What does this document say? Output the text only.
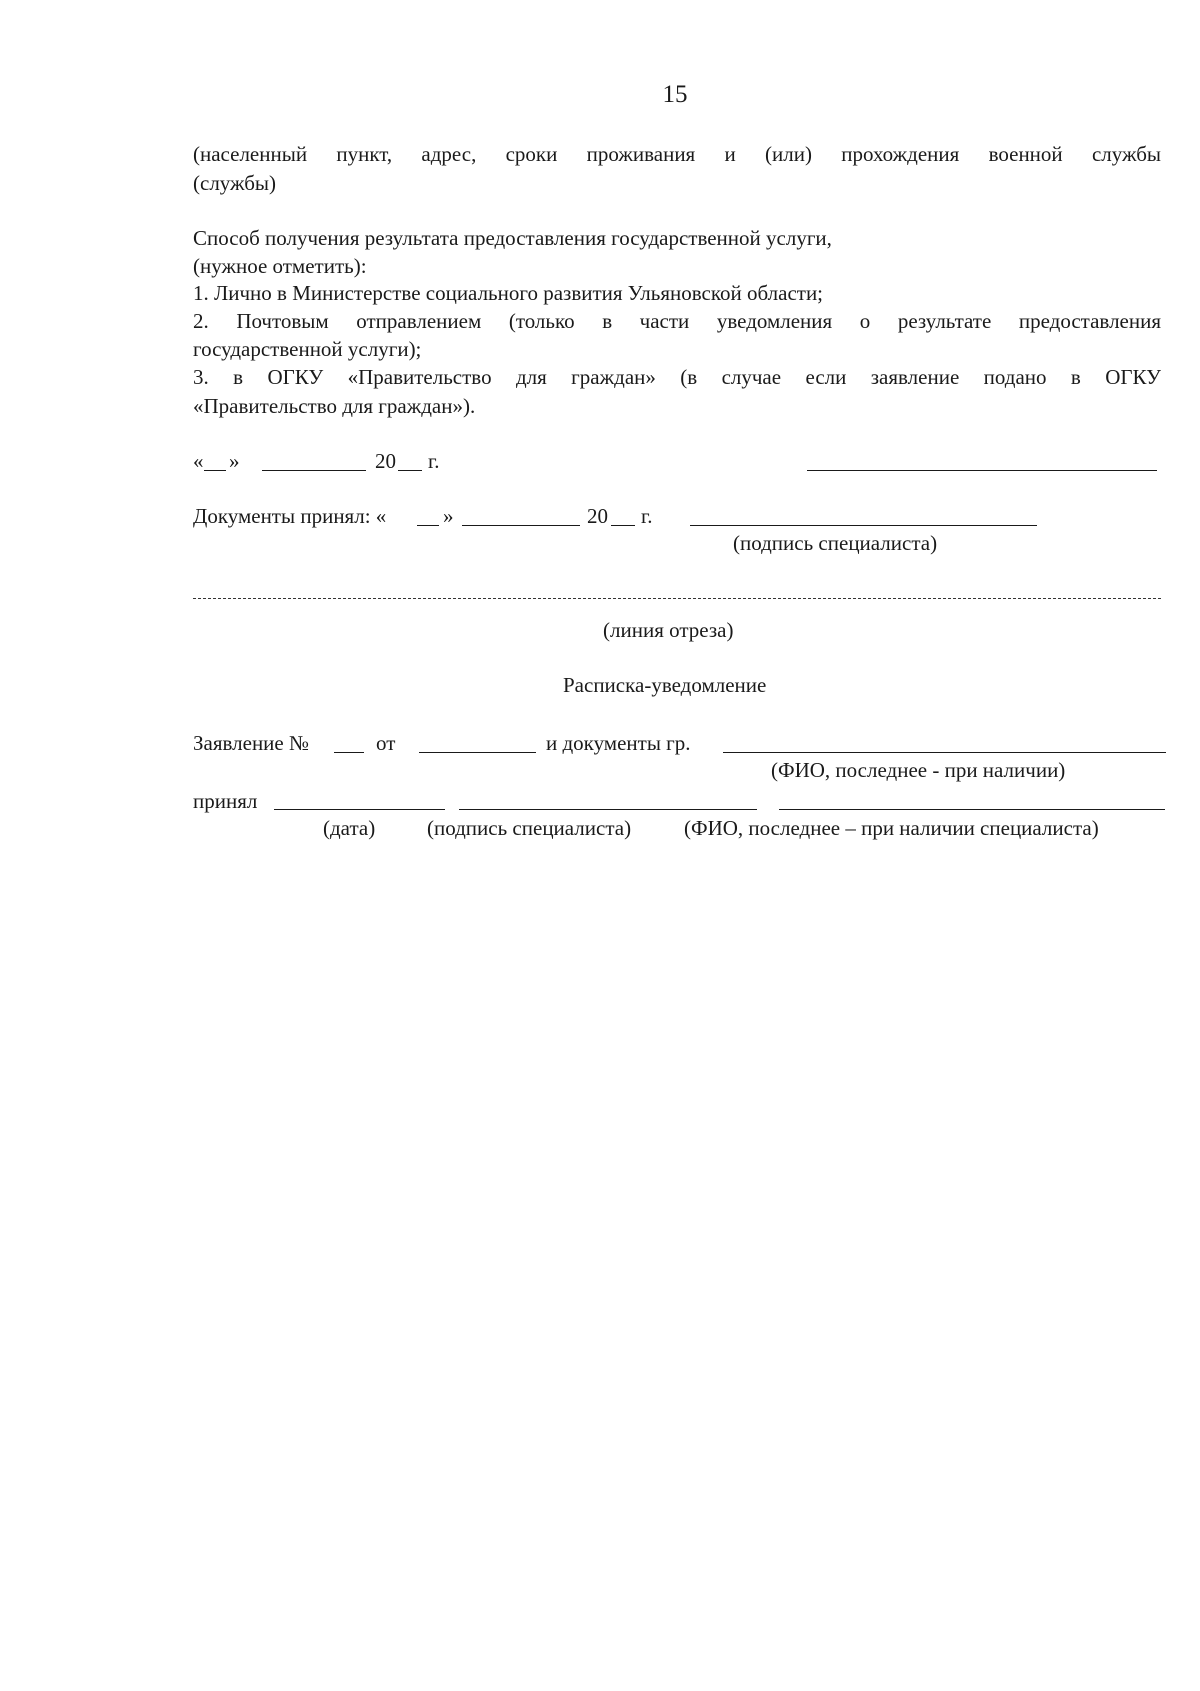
15
(населенный пункт, адрес, сроки проживания и (или) прохождения военной службы
(службы)
Способ получения результата предоставления государственной услуги,
(нужное отметить):
1. Лично в Министерстве социального развития Ульяновской области;
2. Почтовым отправлением (только в части уведомления о результате предоставления
государственной услуги);
3. в ОГКУ «Правительство для граждан» (в случае если заявление подано в ОГКУ
«Правительство для граждан»).
« »	20 г.
Документы принял: «	»	20 г.
(подпись специалиста)
(линия отреза)
Расписка-уведомление
Заявление №	от	и документы гр.
(ФИО, последнее - при наличии)
принял
(дата) (подпись специалиста)	(ФИО, последнее – при наличии специалиста)
